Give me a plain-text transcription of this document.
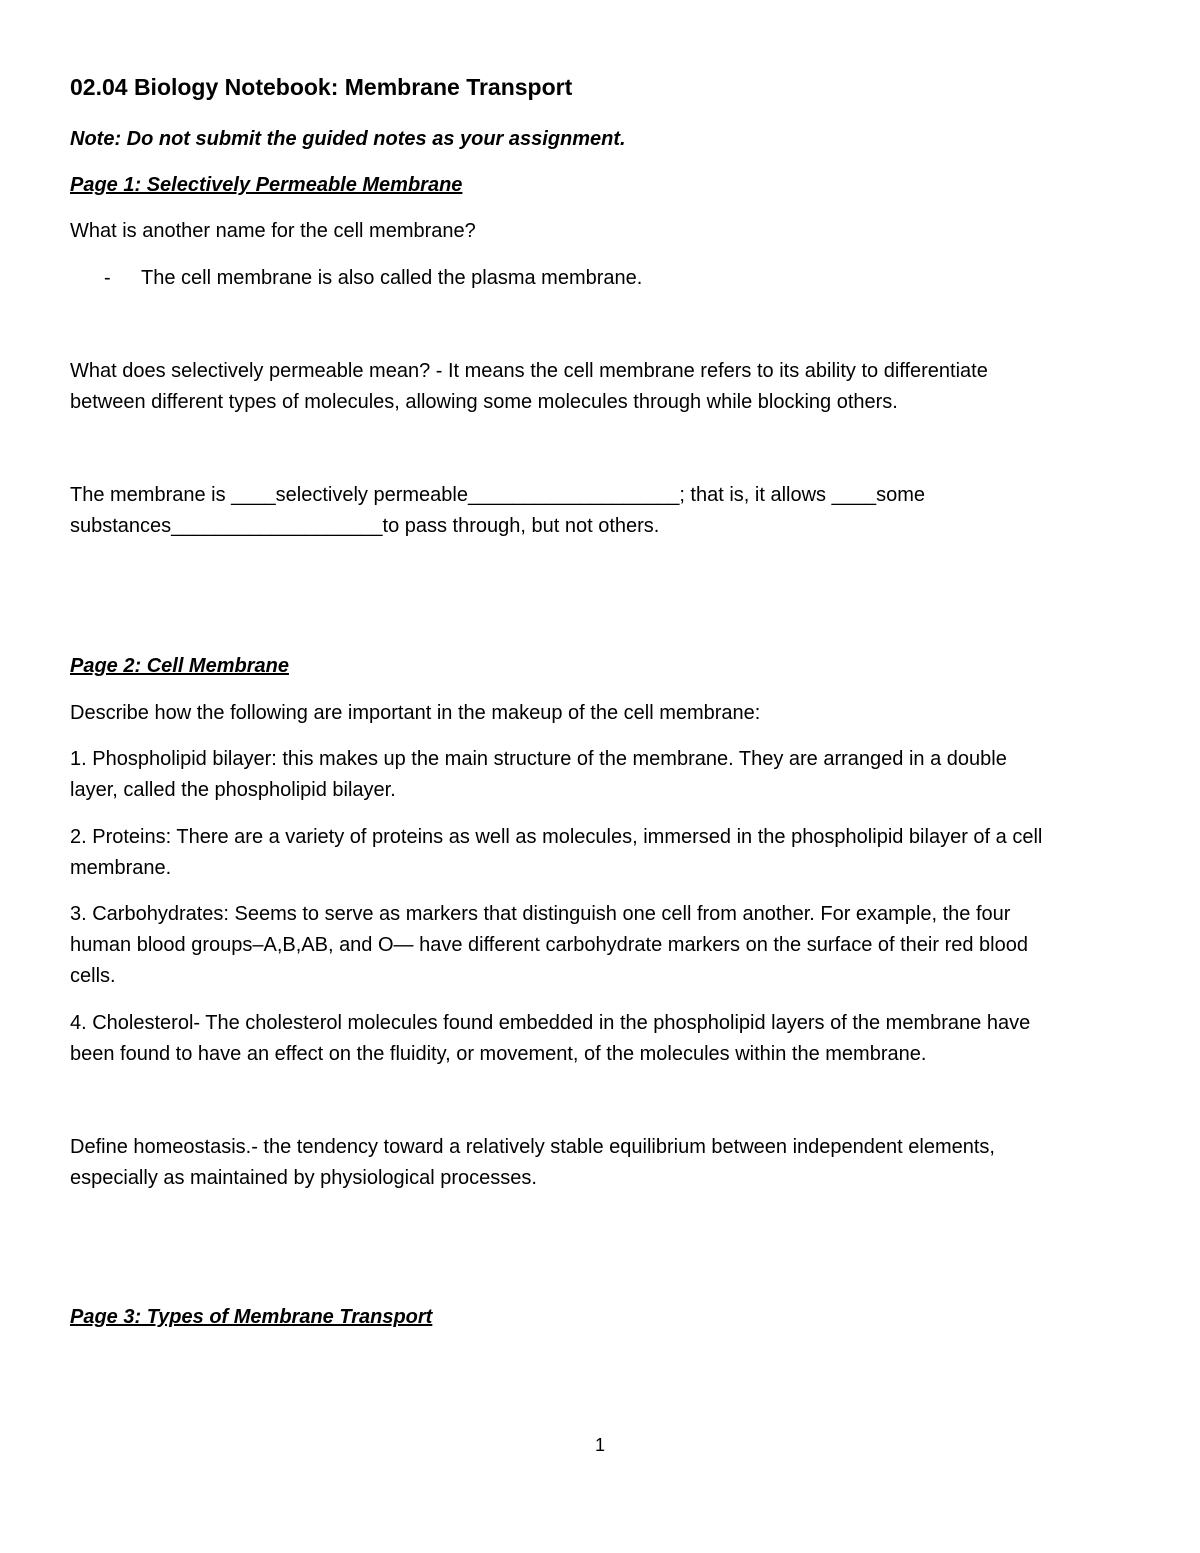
02.04 Biology Notebook: Membrane Transport
Note: Do not submit the guided notes as your assignment.
Page 1: Selectively Permeable Membrane
What is another name for the cell membrane?
- The cell membrane is also called the plasma membrane.
What does selectively permeable mean? - It means the cell membrane refers to its ability to differentiate
between different types of molecules, allowing some molecules through while blocking others.
The membrane is ____selectively permeable___________________; that is, it allows ____some
substances___________________to pass through, but not others.
Page 2: Cell Membrane
Describe how the following are important in the makeup of the cell membrane:
1. Phospholipid bilayer: this makes up the main structure of the membrane. They are arranged in a double
layer, called the phospholipid bilayer.
2. Proteins: There are a variety of proteins as well as molecules, immersed in the phospholipid bilayer of a cell
membrane.
3. Carbohydrates: Seems to serve as markers that distinguish one cell from another. For example, the four
human blood groups–A,B,AB, and O— have different carbohydrate markers on the surface of their red blood
cells.
4. Cholesterol- The cholesterol molecules found embedded in the phospholipid layers of the membrane have
been found to have an effect on the fluidity, or movement, of the molecules within the membrane.
Define homeostasis.- the tendency toward a relatively stable equilibrium between independent elements,
especially as maintained by physiological processes.
Page 3: Types of Membrane Transport
1
